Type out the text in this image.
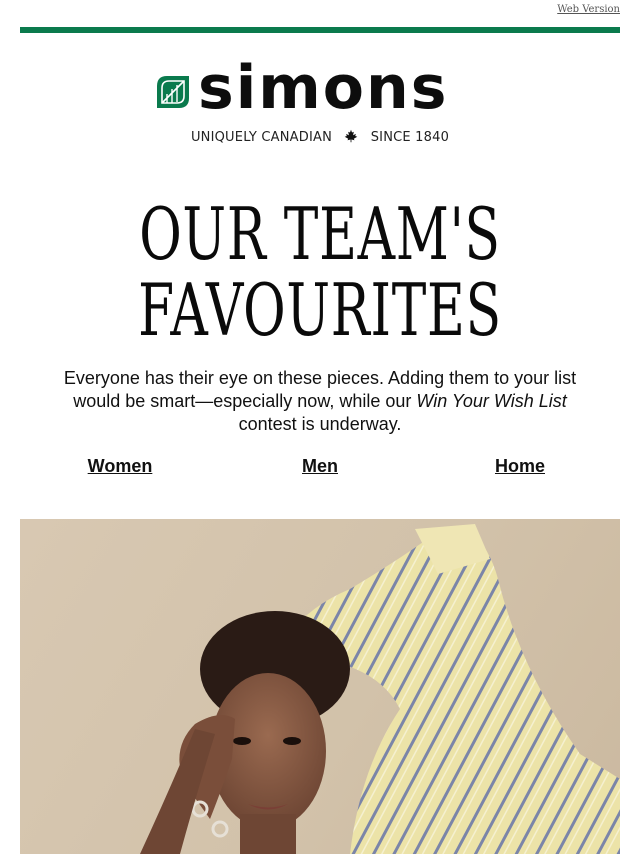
Web Version
simons
UNIQUELY CANADIAN	SINCE 1840
OUR TEAM'S
FAVOURITES
Everyone has their eye on these pieces. Adding them to your list would be smart—especially now, while our Win Your Wish List contest is underway.
Women	Men	Home
